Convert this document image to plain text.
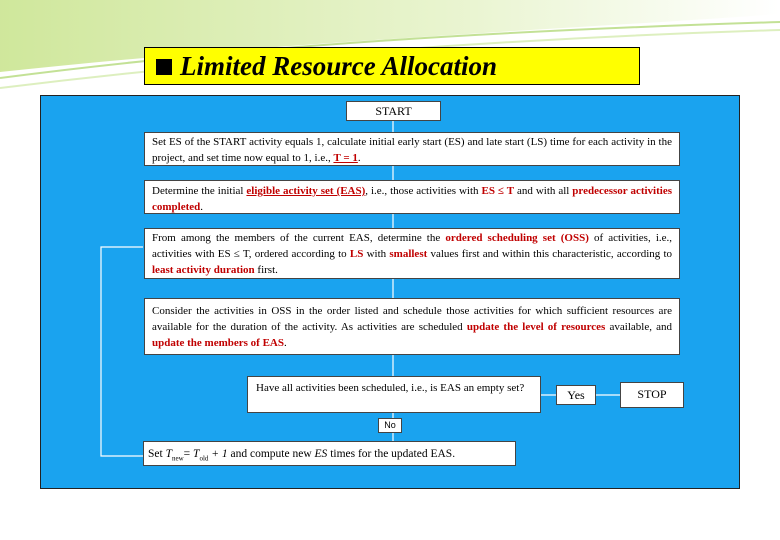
Limited Resource Allocation
START
Set ES of the START activity equals 1, calculate initial early start (ES) and late start (LS) time for each activity in the project, and set time now equal to 1, i.e., T = 1.
Determine the initial eligible activity set (EAS), i.e., those activities with ES ≤ T and with all predecessor activities completed.
From among the members of the current EAS, determine the ordered scheduling set (OSS) of activities, i.e., activities with ES ≤ T, ordered according to LS with smallest values first and within this characteristic, according to least activity duration first.
Consider the activities in OSS in the order listed and schedule those activities for which sufficient resources are available for the duration of the activity. As activities are scheduled update the level of resources available, and update the members of EAS.
Have all activities been scheduled, i.e., is EAS an empty set?	Yes	STOP
No
Set $T_{new}= T_{old} + 1$ and compute new ES times for the updated EAS.
